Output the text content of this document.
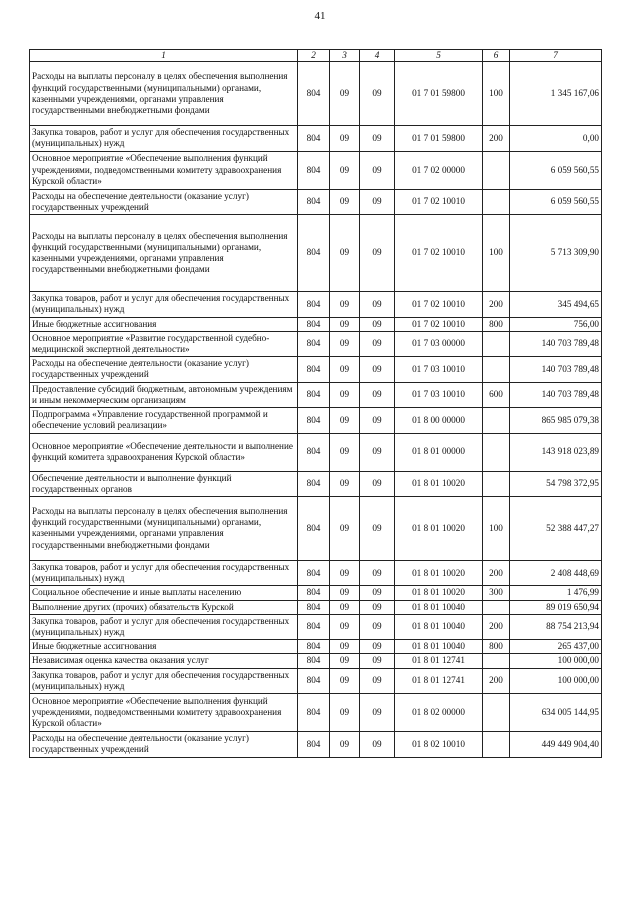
41
1	2	3	4	5	6	7
Расходы на выплаты персоналу в целях обеспечения выполнения функций государственными (муниципальными) органами, казенными учреждениями, органами управления государственными внебюджетными фондами	804	09	09	01 7 01 59800	100	1 345 167,06
Закупка товаров, работ и услуг для обеспечения государственных (муниципальных) нужд	804	09	09	01 7 01 59800	200	0,00
Основное мероприятие «Обеспечение выполнения функций учреждениями, подведомственными комитету здравоохранения Курской области»	804	09	09	01 7 02 00000		6 059 560,55
Расходы на обеспечение деятельности (оказание услуг) государственных учреждений	804	09	09	01 7 02 10010		6 059 560,55
Расходы на выплаты персоналу в целях обеспечения выполнения функций государственными (муниципальными) органами, казенными учреждениями, органами управления государственными внебюджетными фондами	804	09	09	01 7 02 10010	100	5 713 309,90
Закупка товаров, работ и услуг для обеспечения государственных (муниципальных) нужд	804	09	09	01 7 02 10010	200	345 494,65
Иные бюджетные ассигнования	804	09	09	01 7 02 10010	800	756,00
Основное мероприятие «Развитие государственной судебно-медицинской экспертной деятельности»	804	09	09	01 7 03 00000		140 703 789,48
Расходы на обеспечение деятельности (оказание услуг) государственных учреждений	804	09	09	01 7 03 10010		140 703 789,48
Предоставление субсидий бюджетным, автономным учреждениям и иным некоммерческим организациям	804	09	09	01 7 03 10010	600	140 703 789,48
Подпрограмма «Управление государственной программой и обеспечение условий реализации»	804	09	09	01 8 00 00000		865 985 079,38
Основное мероприятие «Обеспечение деятельности и выполнение функций комитета здравоохранения Курской области»	804	09	09	01 8 01 00000		143 918 023,89
Обеспечение деятельности и выполнение функций государственных органов	804	09	09	01 8 01 10020		54 798 372,95
Расходы на выплаты персоналу в целях обеспечения выполнения функций государственными (муниципальными) органами, казенными учреждениями, органами управления государственными внебюджетными фондами	804	09	09	01 8 01 10020	100	52 388 447,27
Закупка товаров, работ и услуг для обеспечения государственных (муниципальных) нужд	804	09	09	01 8 01 10020	200	2 408 448,69
Социальное обеспечение и иные выплаты населению	804	09	09	01 8 01 10020	300	1 476,99
Выполнение других (прочих) обязательств Курской	804	09	09	01 8 01 10040		89 019 650,94
Закупка товаров, работ и услуг для обеспечения государственных (муниципальных) нужд	804	09	09	01 8 01 10040	200	88 754 213,94
Иные бюджетные ассигнования	804	09	09	01 8 01 10040	800	265 437,00
Независимая оценка качества оказания услуг	804	09	09	01 8 01 12741		100 000,00
Закупка товаров, работ и услуг для обеспечения государственных (муниципальных) нужд	804	09	09	01 8 01 12741	200	100 000,00
Основное мероприятие «Обеспечение выполнения функций учреждениями, подведомственными комитету здравоохранения Курской области»	804	09	09	01 8 02 00000		634 005 144,95
Расходы на обеспечение деятельности (оказание услуг) государственных учреждений	804	09	09	01 8 02 10010		449 449 904,40
